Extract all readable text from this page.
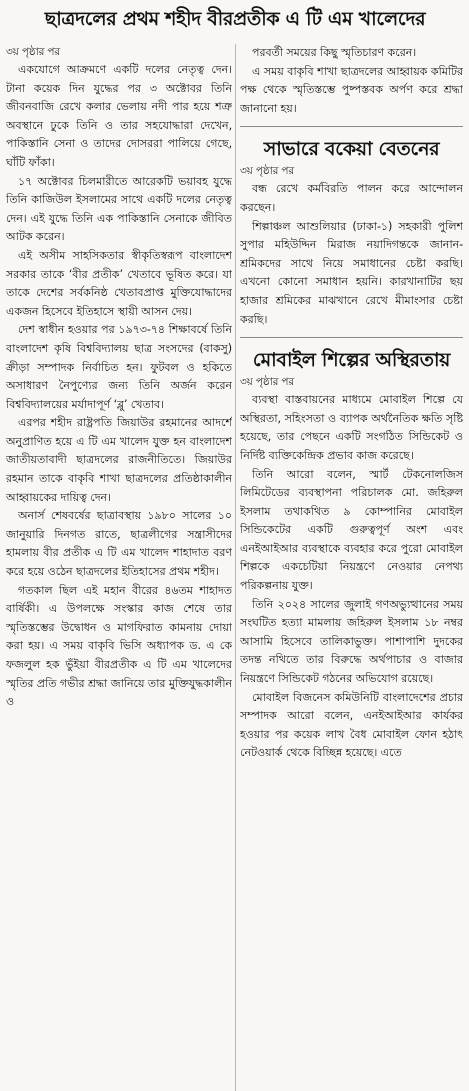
ছাত্রদলের প্রথম শহীদ বীরপ্রতীক এ টি এম খালেদের

৩য় পৃষ্ঠার পর

একযোগে আক্রমণে একটি দলের নেতৃত্ব দেন। টানা কয়েক দিন যুদ্ধের পর ৩ অক্টোবর তিনি জীবনবাজি রেখে কলার ভেলায় নদী পার হয়ে শত্রু অবস্থানে ঢুকে তিনি ও তার সহযোদ্ধারা দেখেন, পাকিস্তানি সেনা ও তাদের দোসররা পালিয়ে গেছে, ঘাঁটি ফাঁকা।

১৭ অক্টোবর চিলমারীতে আরেকটি ভয়াবহ যুদ্ধে তিনি কাজিউল ইসলামের সাথে একটি দলের নেতৃত্ব দেন। এই যুদ্ধে তিনি এক পাকিস্তানি সেনাকে জীবিত আটক করেন।

এই অসীম সাহসিকতার স্বীকৃতিস্বরূপ বাংলাদেশ সরকার তাকে ‘বীর প্রতীক’ খেতাবে ভূষিত করে। যা তাকে দেশের সর্বকনিষ্ঠ খেতাবপ্রাপ্ত মুক্তিযোদ্ধাদের একজন হিসেবে ইতিহাসে স্থায়ী আসন দেয়।

দেশ স্বাধীন হওয়ার পর ১৯৭৩-৭৪ শিক্ষাবর্ষে তিনি বাংলাদেশ কৃষি বিশ্ববিদ্যালয় ছাত্র সংসদের (বাকসু) ক্রীড়া সম্পাদক নির্বাচিত হন। ফুটবল ও হকিতে অসাধারণ নৈপুণ্যের জন্য তিনি অর্জন করেন বিশ্ববিদ্যালয়ের মর্যাদাপূর্ণ ‘ব্লু’ খেতাব।

এরপর শহীদ রাষ্ট্রপতি জিয়াউর রহমানের আদর্শে অনুপ্রাণিত হয়ে এ টি এম খালেদ যুক্ত হন বাংলাদেশ জাতীয়তাবাদী ছাত্রদলের রাজনীতিতে। জিয়াউর রহমান তাকে বাকৃবি শাখা ছাত্রদলের প্রতিষ্ঠাকালীন আহ্বায়কের দায়িত্ব দেন।

অনার্স শেষবর্ষের ছাত্রাবস্থায় ১৯৮০ সালের ১০ জানুয়ারি দিনগত রাতে, ছাত্রলীগের সন্ত্রাসীদের হামলায় বীর প্রতীক এ টি এম খালেদ শাহাদাত বরণ করে হয়ে ওঠেন ছাত্রদলের ইতিহাসের প্রথম শহীদ।

গতকাল ছিল এই মহান বীরের ৪৬তম শাহাদত বার্ষিকী। এ উপলক্ষে সংস্কার কাজ শেষে তার স্মৃতিস্তম্ভের উদ্বোধন ও মাগফিরাত কামনায় দোয়া করা হয়। এ সময় বাকৃবি ভিসি অধ্যাপক ড. এ কে ফজলুল হক ভুঁইয়া বীরপ্রতীক এ টি এম খালেদের স্মৃতির প্রতি গভীর শ্রদ্ধা জানিয়ে তার মুক্তিযুদ্ধকালীন ও

পরবর্তী সময়ের কিছু স্মৃতিচারণ করেন।

এ সময় বাকৃবি শাখা ছাত্রদলের আহ্বায়ক কমিটির পক্ষ থেকে স্মৃতিস্তম্ভে পুষ্পস্তবক অর্পণ করে শ্রদ্ধা জানানো হয়।

সাভারে বকেয়া বেতনের

৩য় পৃষ্ঠার পর

বন্ধ রেখে কর্মবিরতি পালন করে আন্দোলন করছেন।

শিল্পাঞ্চল আশুলিয়ার (ঢাকা-১) সহকারী পুলিশ সুপার মহিউদ্দিন মিরাজ নয়াদিগন্তকে জানান-শ্রমিকদের সাথে নিয়ে সমাধানের চেষ্টা করছি। এখনো কোনো সমাধান হয়নি। কারখানাটির ছয় হাজার শ্রমিকের মাঝখানে রেখে মীমাংসার চেষ্টা করছি।

মোবাইল শিল্পের অস্থিরতায়

৩য় পৃষ্ঠার পর

ব্যবস্থা বাস্তবায়নের মাধ্যমে মোবাইল শিল্পে যে অস্থিরতা, সহিংসতা ও ব্যাপক অর্থনৈতিক ক্ষতি সৃষ্টি হয়েছে, তার পেছনে একটি সংগঠিত সিন্ডিকেট ও নির্দিষ্ট ব্যক্তিকেন্দ্রিক প্রভাব কাজ করেছে।

তিনি আরো বলেন, স্মার্ট টেকনোলজিস লিমিটেডের ব্যবস্থাপনা পরিচালক মো. জহিরুল ইসলাম তথাকথিত ৯ কোম্পানির মোবাইল সিন্ডিকেটের একটি গুরুত্বপূর্ণ অংশ এবং এনইআইআর ব্যবস্থাকে ব্যবহার করে পুরো মোবাইল শিল্পকে একচেটিয়া নিয়ন্ত্রণে নেওয়ার নেপথ্য পরিকল্পনায় যুক্ত।

তিনি ২০২৪ সালের জুলাই গণঅভ্যুত্থানের সময় সংঘটিত হত্যা মামলায় জহিরুল ইসলাম ১৮ নম্বর আসামি হিসেবে তালিকাভুক্ত। পাশাপাশি দুদকের তদন্ত নথিতে তার বিরুদ্ধে অর্থপাচার ও বাজার নিয়ন্ত্রণে সিন্ডিকেট গঠনের অভিযোগ রয়েছে।

মোবাইল বিজনেস কমিউনিটি বাংলাদেশের প্রচার সম্পাদক আরো বলেন, এনইআইআর কার্যকর হওয়ার পর কয়েক লাখ বৈধ মোবাইল ফোন হঠাৎ নেটওয়ার্ক থেকে বিচ্ছিন্ন হয়েছে। এতে
